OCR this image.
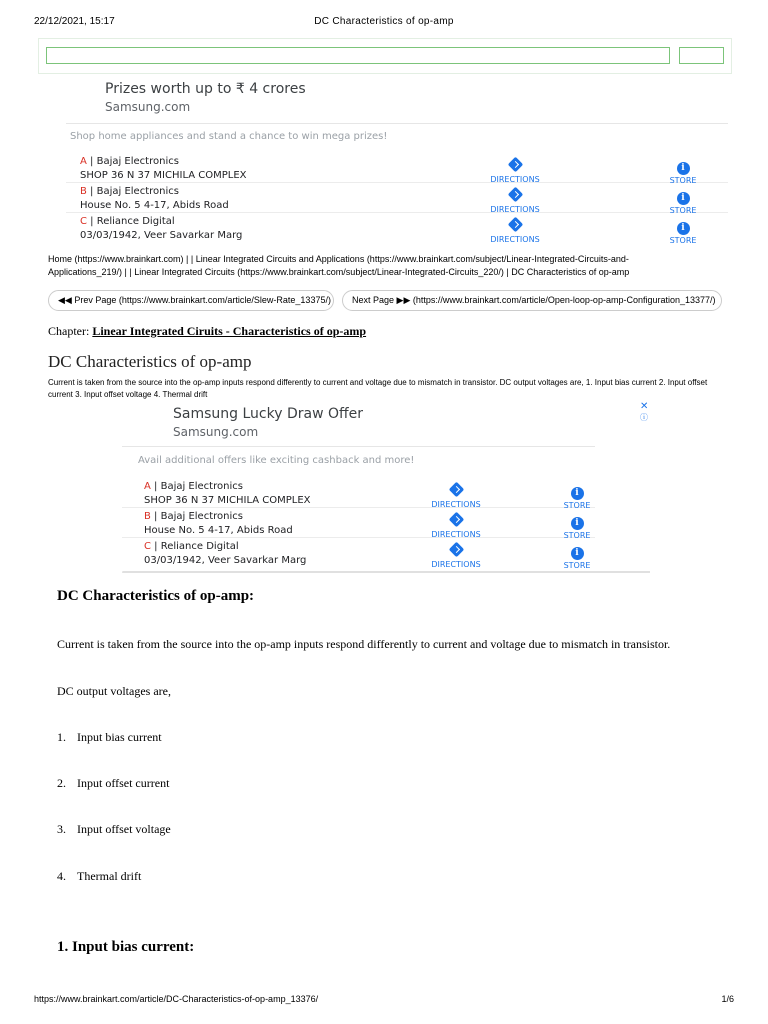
22/12/2021, 15:17	DC Characteristics of op-amp
Prizes worth up to ₹ 4 crores
Samsung.com
Shop home appliances and stand a chance to win mega prizes!
A | Bajaj Electronics
SHOP 36 N 37 MICHILA COMPLEX	DIRECTIONS
i
STORE
B | Bajaj Electronics
House No. 5 4-17, Abids Road	DIRECTIONS
i
STORE
C | Reliance Digital
03/03/1942, Veer Savarkar Marg	DIRECTIONS
i
STORE
Home (https://www.brainkart.com) | | Linear Integrated Circuits and Applications (https://www.brainkart.com/subject/Linear-Integrated-Circuits-and-Applications_219/) | | Linear Integrated Circuits (https://www.brainkart.com/subject/Linear-Integrated-Circuits_220/) | DC Characteristics of op-amp
◀◀ Prev Page (https://www.brainkart.com/article/Slew-Rate_13375/)	Next Page ▶▶ (https://www.brainkart.com/article/Open-loop-op-amp-Configuration_13377/)
Chapter: Linear Integrated Ciruits - Characteristics of op-amp
DC Characteristics of op-amp
Current is taken from the source into the op-amp inputs respond differently to current and voltage due to mismatch in transistor. DC output voltages are, 1. Input bias current 2. Input offset current 3. Input offset voltage 4. Thermal drift
✕
ⓘ
Samsung Lucky Draw Offer
Samsung.com
Avail additional offers like exciting cashback and more!
A | Bajaj Electronics
SHOP 36 N 37 MICHILA COMPLEX	DIRECTIONS
i
STORE
B | Bajaj Electronics
House No. 5 4-17, Abids Road	DIRECTIONS
i
STORE
C | Reliance Digital
03/03/1942, Veer Savarkar Marg	DIRECTIONS
i
STORE
DC Characteristics of op-amp:
Current is taken from the source into the op-amp inputs respond differently to current and voltage due to mismatch in transistor.
DC output voltages are,
1. Input bias current
2. Input offset current
3. Input offset voltage
4. Thermal drift
1. Input bias current:
https://www.brainkart.com/article/DC-Characteristics-of-op-amp_13376/	1/6
